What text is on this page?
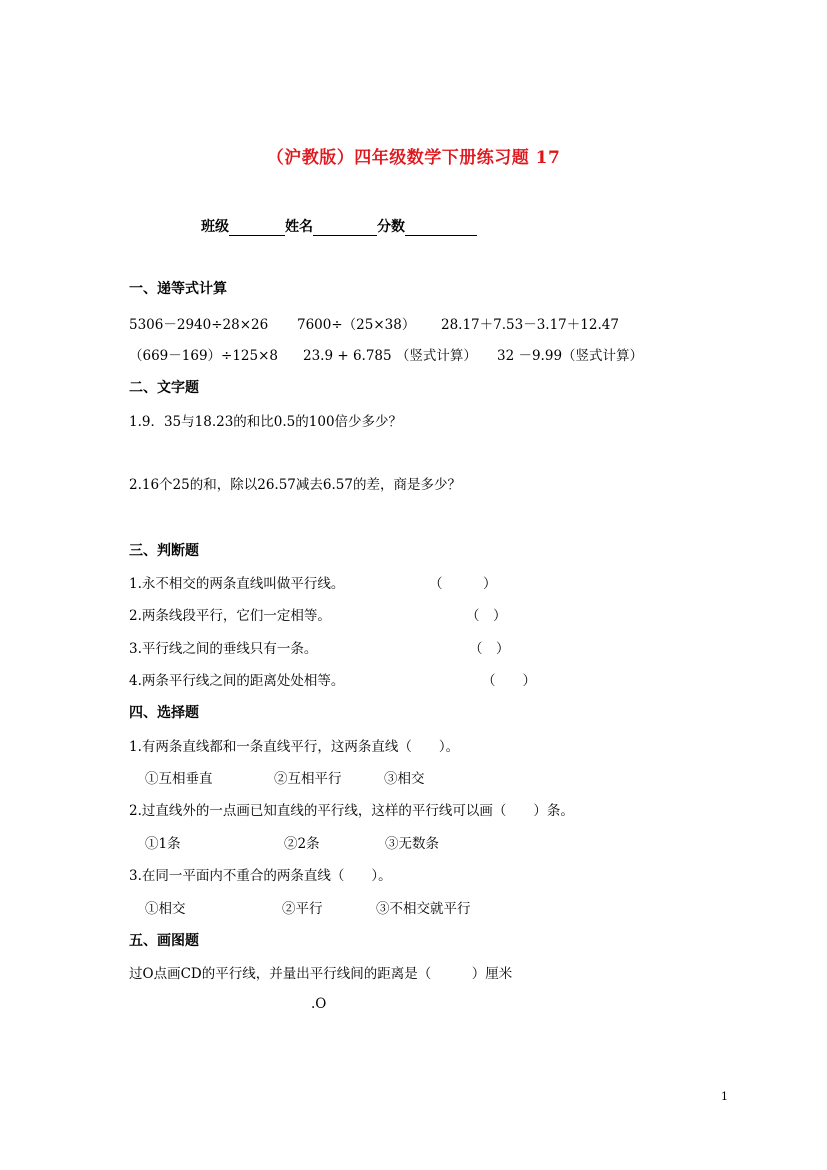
（沪教版）四年级数学下册练习题 17
班级	姓名	分数
一、递等式计算
5306－2940÷28×26 7600÷（25×38） 28.17＋7.53－3.17＋12.47
（669－169）÷125×8 23.9 + 6.785 （竖式计算） 32 －9.99（竖式计算）
二、文字题
1.9．35与18.23的和比0.5的100倍少多少？
2.16个25的和，除以26.57减去6.57的差，商是多少？
三、判断题
1.永不相交的两条直线叫做平行线。	（　　　）
2.两条线段平行，它们一定相等。	（　）
3.平行线之间的垂线只有一条。	（　）
4.两条平行线之间的距离处处相等。	（　　）
四、选择题
1.有两条直线都和一条直线平行，这两条直线（　　）。
①互相垂直	②互相平行	③相交
2.过直线外的一点画已知直线的平行线，这样的平行线可以画（　　）条。
①1条	②2条	③无数条
3.在同一平面内不重合的两条直线（　　）。
①相交	②平行	③不相交就平行
五、画图题
过O点画CD的平行线，并量出平行线间的距离是（　　　）厘米
.O
1
